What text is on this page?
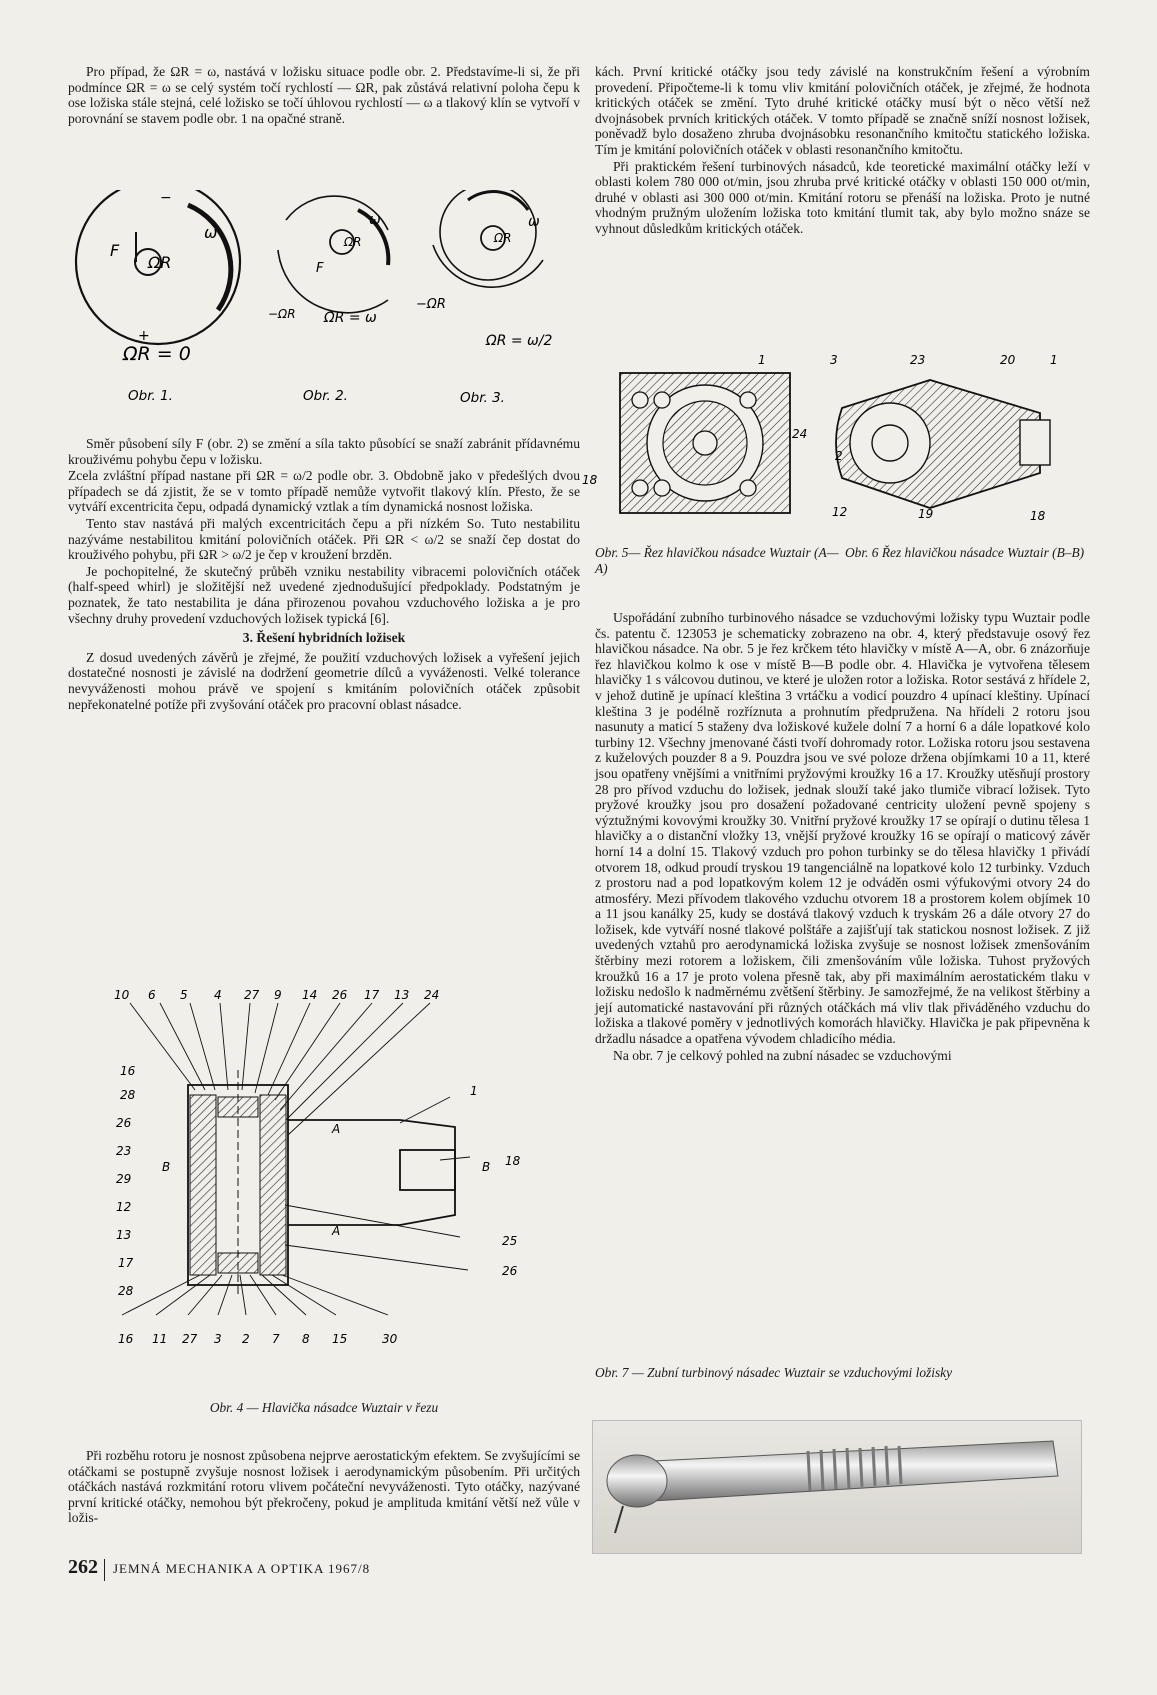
Pro případ, že ΩR = ω, nastává v ložisku situace podle obr. 2. Představíme-li si, že při podmínce ΩR = ω se celý systém točí rychlostí — ΩR, pak zůstává relativní poloha čepu k ose ložiska stále stejná, celé ložisko se točí úhlovou rychlostí — ω a tlakový klín se vytvoří v porovnání se stavem podle obr. 1 na opačné straně.

F
ΩR
ω
ΩR = 0
−
+
F
ΩR
ω
−ΩR ΩR = ω
ΩR
ω
−ΩR
ΩR = ω/2
Obr. 1.	Obr. 2.	Obr. 3.

Směr působení síly F (obr. 2) se změní a síla takto působící se snaží zabránit přídavnému krouživému pohybu čepu v ložisku.

Zcela zvláštní případ nastane při ΩR = ω/2 podle obr. 3. Obdobně jako v předešlých dvou případech se dá zjistit, že se v tomto případě nemůže vytvořit tlakový klín. Přesto, že se vytváří excentricita čepu, odpadá dynamický vztlak a tím dynamická nosnost ložiska.

Tento stav nastává při malých excentricitách čepu a při nízkém So. Tuto nestabilitu nazýváme nestabilitou kmitání polovičních otáček. Při ΩR < ω/2 se snaží čep dostat do krouživého pohybu, při ΩR > ω/2 je čep v kroužení brzděn.

Je pochopitelné, že skutečný průběh vzniku nestability vibracemi polovičních otáček (half-speed whirl) je složitější než uvedené zjednodušující předpoklady. Podstatným je poznatek, že tato nestabilita je dána přirozenou povahou vzduchového ložiska a je pro všechny druhy provedení vzduchových ložisek typická [6].

3. Řešení hybridních ložisek

Z dosud uvedených závěrů je zřejmé, že použití vzduchových ložisek a vyřešení jejich dostatečné nosnosti je závislé na dodržení geometrie dílců a vyváženosti. Velké tolerance nevyváženosti mohou právě ve spojení s kmitáním polovičních otáček způsobit nepřekonatelné potíže při zvyšování otáček pro pracovní oblast násadce.

10 6 5 4 27 9 14 26 17 13 24
16
28
26
23
29
12
13
17
28
1
18
25
26
16 11 27 3 2 7 8 15	30
A
A
B	B
Obr. 4 — Hlavička násadce Wuztair v řezu

Při rozběhu rotoru je nosnost způsobena nejprve aerostatickým efektem. Se zvyšujícími se otáčkami se postupně zvyšuje nosnost ložisek i aerodynamickým působením. Při určitých otáčkách nastává rozkmitání rotoru vlivem počáteční nevyváženosti. Tyto otáčky, nazývané první kritické otáčky, nemohou být překročeny, pokud je amplituda kmitání větší než vůle v ložis-

kách. První kritické otáčky jsou tedy závislé na konstrukčním řešení a výrobním provedení. Připočteme-li k tomu vliv kmitání polovičních otáček, je zřejmé, že hodnota kritických otáček se změní. Tyto druhé kritické otáčky musí být o něco větší než dvojnásobek prvních kritických otáček. V tomto případě se značně sníží nosnost ložisek, poněvadž bylo dosaženo zhruba dvojnásobku resonančního kmitočtu statického ložiska. Tím je kmitání polovičních otáček v oblasti resonančního kmitočtu.

Při praktickém řešení turbinových násadců, kde teoretické maximální otáčky leží v oblasti kolem 780 000 ot/min, jsou zhruba prvé kritické otáčky v oblasti 150 000 ot/min, druhé v oblasti asi 300 000 ot/min. Kmitání rotoru se přenáší na ložiska. Proto je nutné vhodným pružným uložením ložiska toto kmitání tlumit tak, aby bylo možno snáze se vyhnout důsledkům kritických otáček.

1	3	23	20	1
24
2
18
12	19	18
Obr. 5— Řez hlavičkou násadce Wuztair (A—A)
Obr. 6 Řez hlavičkou násadce Wuztair (B–B)

Uspořádání zubního turbinového násadce se vzduchovými ložisky typu Wuztair podle čs. patentu č. 123053 je schematicky zobrazeno na obr. 4, který představuje osový řez hlavičkou násadce. Na obr. 5 je řez krčkem této hlavičky v místě A—A, obr. 6 znázorňuje řez hlavičkou kolmo k ose v místě B—B podle obr. 4. Hlavička je vytvořena tělesem hlavičky 1 s válcovou dutinou, ve které je uložen rotor a ložiska. Rotor sestává z hřídele 2, v jehož dutině je upínací kleština 3 vrtáčku a vodicí pouzdro 4 upínací kleštiny. Upínací kleština 3 je podélně rozříznuta a prohnutím předpružena. Na hřídeli 2 rotoru jsou nasunuty a maticí 5 staženy dva ložiskové kužele dolní 7 a horní 6 a dále lopatkové kolo turbiny 12. Všechny jmenované části tvoří dohromady rotor. Ložiska rotoru jsou sestavena z kuželových pouzder 8 a 9. Pouzdra jsou ve své poloze držena objímkami 10 a 11, které jsou opatřeny vnějšími a vnitřními pryžovými kroužky 16 a 17. Kroužky utěsňují prostory 28 pro přívod vzduchu do ložisek, jednak slouží také jako tlumiče vibrací ložisek. Tyto pryžové kroužky jsou pro dosažení požadované centricity uložení pevně spojeny s výztužnými kovovými kroužky 30. Vnitřní pryžové kroužky 17 se opírají o dutinu tělesa 1 hlavičky a o distanční vložky 13, vnější pryžové kroužky 16 se opírají o maticový závěr horní 14 a dolní 15. Tlakový vzduch pro pohon turbinky se do tělesa hlavičky 1 přivádí otvorem 18, odkud proudí tryskou 19 tangenciálně na lopatkové kolo 12 turbinky. Vzduch z prostoru nad a pod lopatkovým kolem 12 je odváděn osmi výfukovými otvory 24 do atmosféry. Mezi přívodem tlakového vzduchu otvorem 18 a prostorem kolem objímek 10 a 11 jsou kanálky 25, kudy se dostává tlakový vzduch k tryskám 26 a dále otvory 27 do ložisek, kde vytváří nosné tlakové polštáře a zajišťují tak statickou nosnost ložisek. Z již uvedených vztahů pro aerodynamická ložiska zvyšuje se nosnost ložisek zmenšováním štěrbiny mezi rotorem a ložiskem, čili zmenšováním vůle ložiska. Tuhost pryžových kroužků 16 a 17 je proto volena přesně tak, aby při maximálním aerostatickém tlaku v ložisku nedošlo k nadměrnému zvětšení štěrbiny. Je samozřejmé, že na velikost štěrbiny a její automatické nastavování při různých otáčkách má vliv tlak přiváděného vzduchu do ložiska a tlakové poměry v jednotlivých komorách hlavičky. Hlavička je pak připevněna k držadlu násadce a opatřena vývodem chladicího média.

Na obr. 7 je celkový pohled na zubní násadec se vzduchovými

Obr. 7 — Zubní turbinový násadec Wuztair se vzduchovými ložisky
262 JEMNÁ MECHANIKA A OPTIKA 1967/8
